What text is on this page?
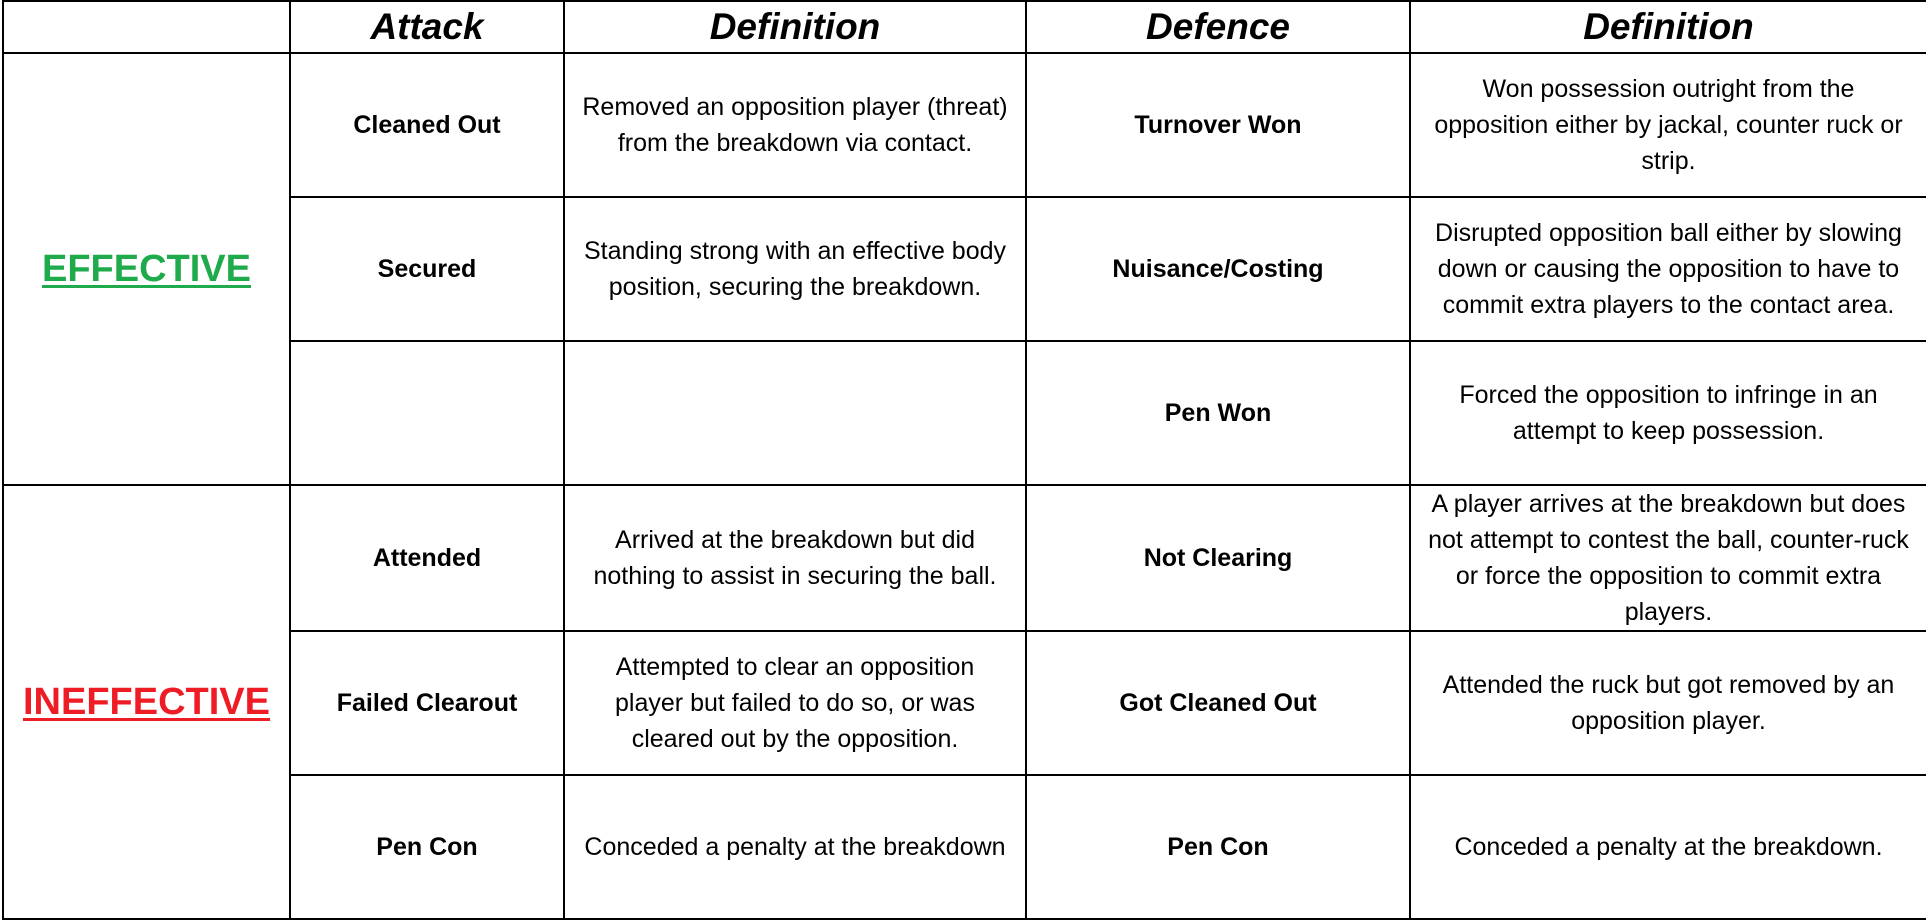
	Attack	Definition	Defence	Definition
EFFECTIVE	Cleaned Out	Removed an opposition player (threat) from the breakdown via contact.	Turnover Won	Won possession outright from the opposition either by jackal, counter ruck or strip.
	Secured	Standing strong with an effective body position, securing the breakdown.	Nuisance/Costing	Disrupted opposition ball either by slowing down or causing the opposition to have to commit extra players to the contact area.
			Pen Won	Forced the opposition to infringe in an attempt to keep possession.
INEFFECTIVE	Attended	Arrived at the breakdown but did nothing to assist in securing the ball.	Not Clearing	A player arrives at the breakdown but does not attempt to contest the ball, counter-ruck or force the opposition to commit extra players.
	Failed Clearout	Attempted to clear an opposition player but failed to do so, or was cleared out by the opposition.	Got Cleaned Out	Attended the ruck but got removed by an opposition player.
	Pen Con	Conceded a penalty at the breakdown	Pen Con	Conceded a penalty at the breakdown.
